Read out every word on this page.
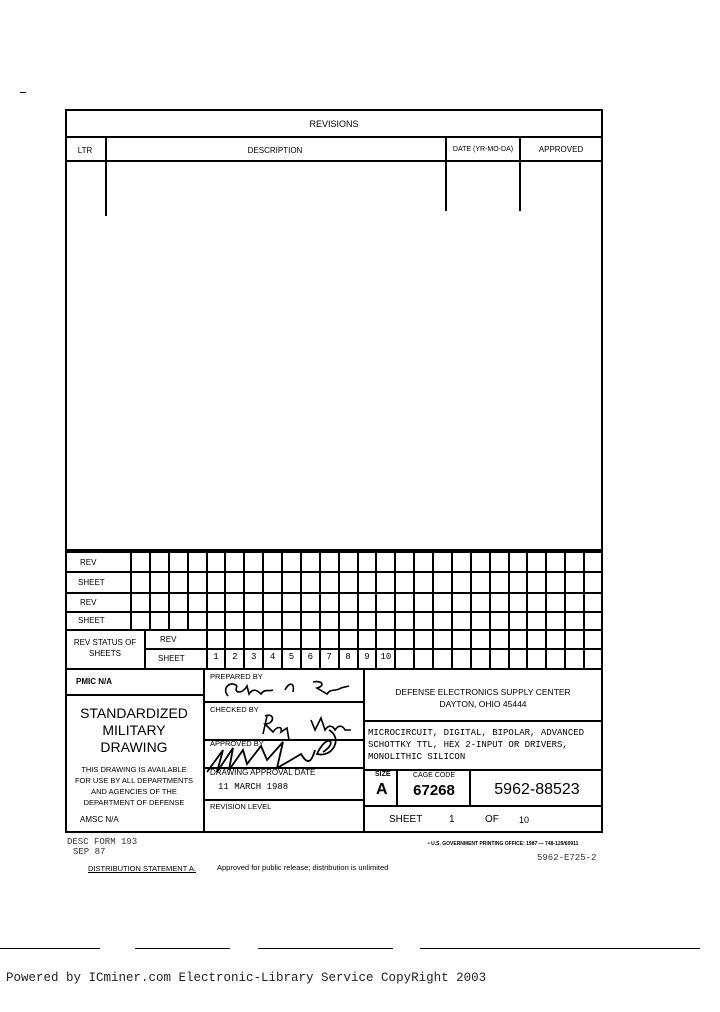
REVISIONS
LTR	DESCRIPTION	DATE (YR-MO-DA)	APPROVED
REV
SHEET
REV
SHEET
REV STATUS OF SHEETS
REV
SHEET	1	2	3	4	5	6	7	8	9	10
PMIC N/A
STANDARDIZED
MILITARY
DRAWING
THIS DRAWING IS AVAILABLE
FOR USE BY ALL DEPARTMENTS
AND AGENCIES OF THE
DEPARTMENT OF DEFENSE
AMSC N/A
PREPARED BY
CHECKED BY
APPROVED BY
DRAWING APPROVAL DATE
11 MARCH 1988
REVISION LEVEL
DEFENSE ELECTRONICS SUPPLY CENTER
DAYTON, OHIO 45444
MICROCIRCUIT, DIGITAL, BIPOLAR, ADVANCED
SCHOTTKY TTL, HEX 2-INPUT OR DRIVERS,
MONOLITHIC SILICON
SIZE
A
CAGE CODE
67268	5962-88523
SHEET	1	OF 10
DESC FORM 193
SEP 87
• U.S. GOVERNMENT PRINTING OFFICE: 1987 — 748-129/60911
5962-E725-2
DISTRIBUTION STATEMENT A.	Approved for public release; distribution is unlimited
Powered by ICminer.com Electronic-Library Service CopyRight 2003
